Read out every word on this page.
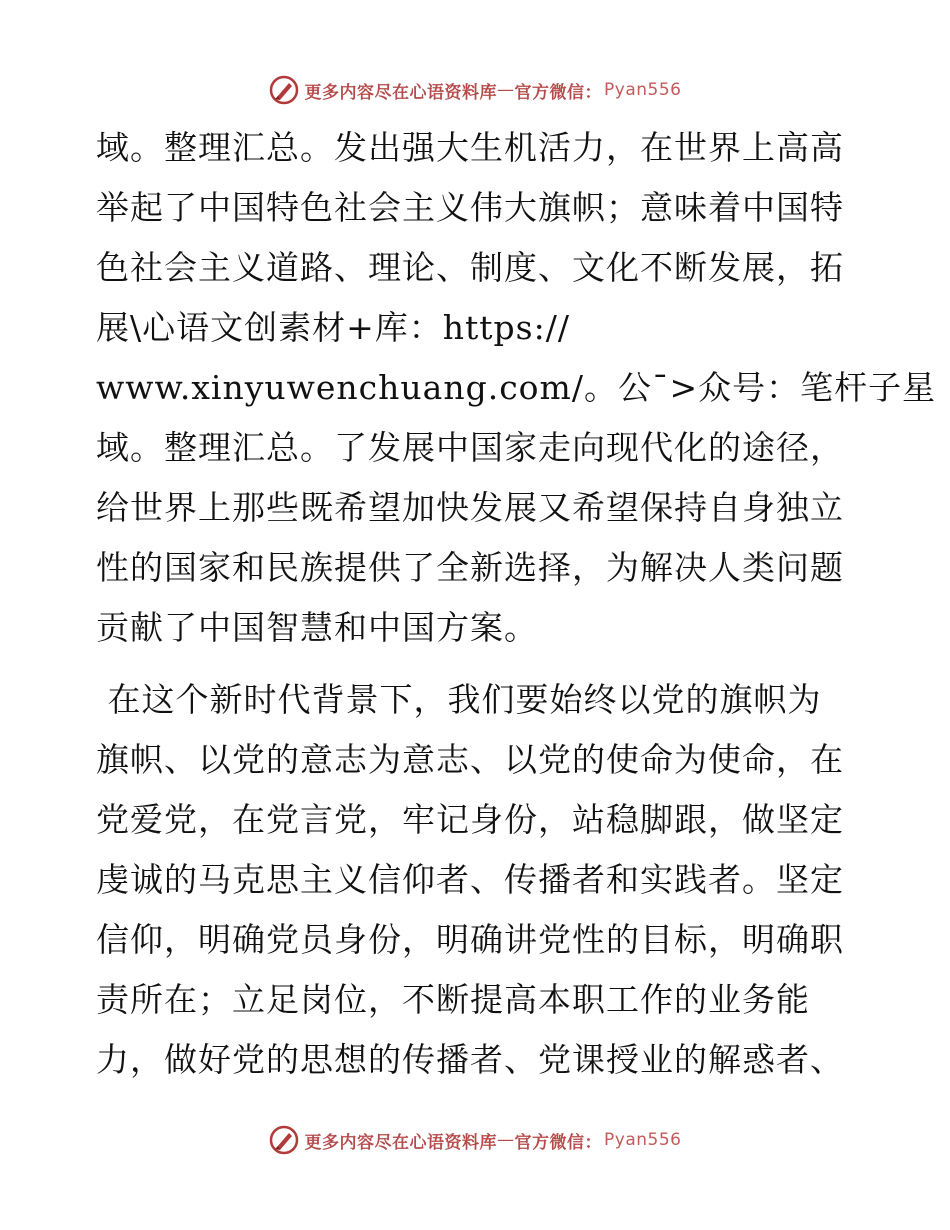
更多内容尽在心语资料库 — 官方微信： Pyan556
域。整理汇总。发出强大生机活力，在世界上高高
举起了中国特色社会主义伟大旗帜；意味着中国特
色社会主义道路、理论、制度、文化不断发展，拓
展\心语文创素材+库：https://
www.xinyuwenchuang.com/。公¯>众号：笔杆子星
域。整理汇总。了发展中国家走向现代化的途径，
给世界上那些既希望加快发展又希望保持自身独立
性的国家和民族提供了全新选择，为解决人类问题
贡献了中国智慧和中国方案。
在这个新时代背景下，我们要始终以党的旗帜为
旗帜、以党的意志为意志、以党的使命为使命，在
党爱党，在党言党，牢记身份，站稳脚跟，做坚定
虔诚的马克思主义信仰者、传播者和实践者。坚定
信仰，明确党员身份，明确讲党性的目标，明确职
责所在；立足岗位，不断提高本职工作的业务能
力，做好党的思想的传播者、党课授业的解惑者、
更多内容尽在心语资料库 — 官方微信： Pyan556
